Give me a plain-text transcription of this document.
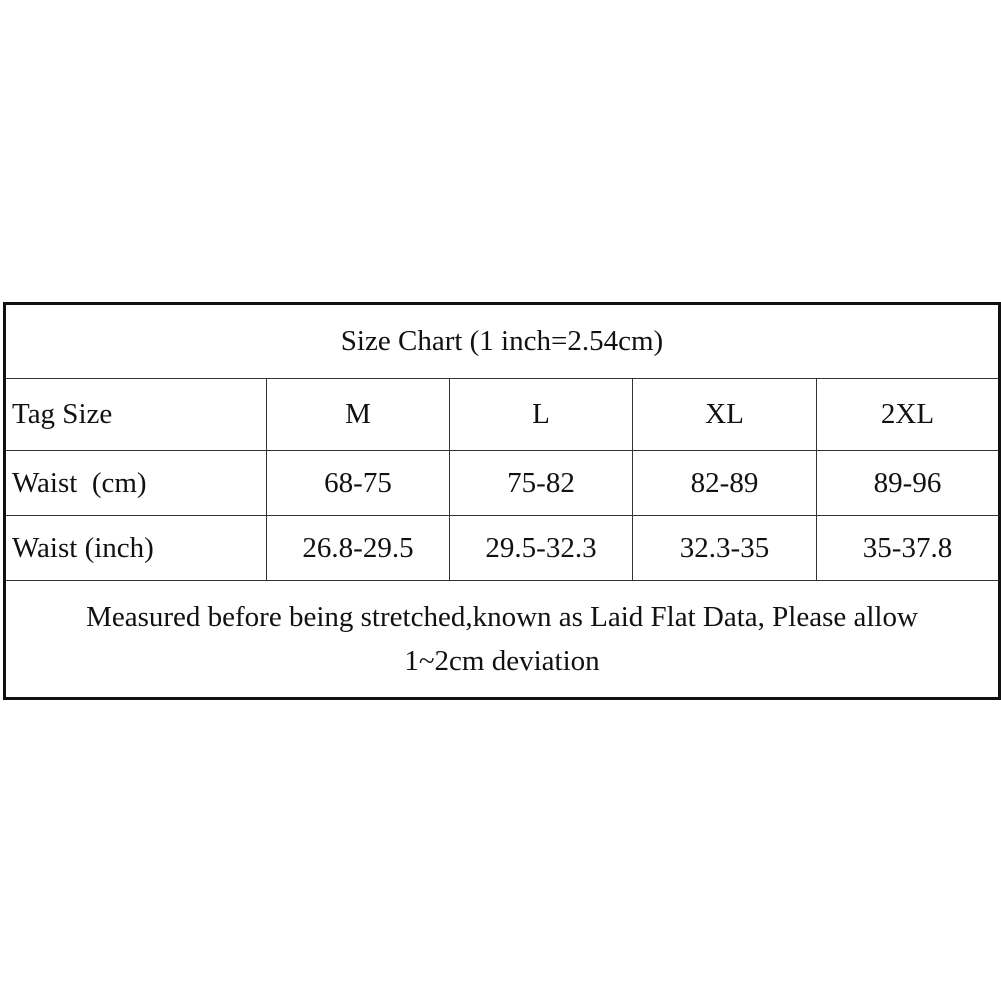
Size Chart (1 inch=2.54cm)				
Tag Size	M	L	XL	2XL
Waist  (cm)	68-75	75-82	82-89	89-96
Waist (inch)	26.8-29.5	29.5-32.3	32.3-35	35-37.8

Measured before being stretched,known as Laid Flat Data, Please allow
1~2cm deviation				
